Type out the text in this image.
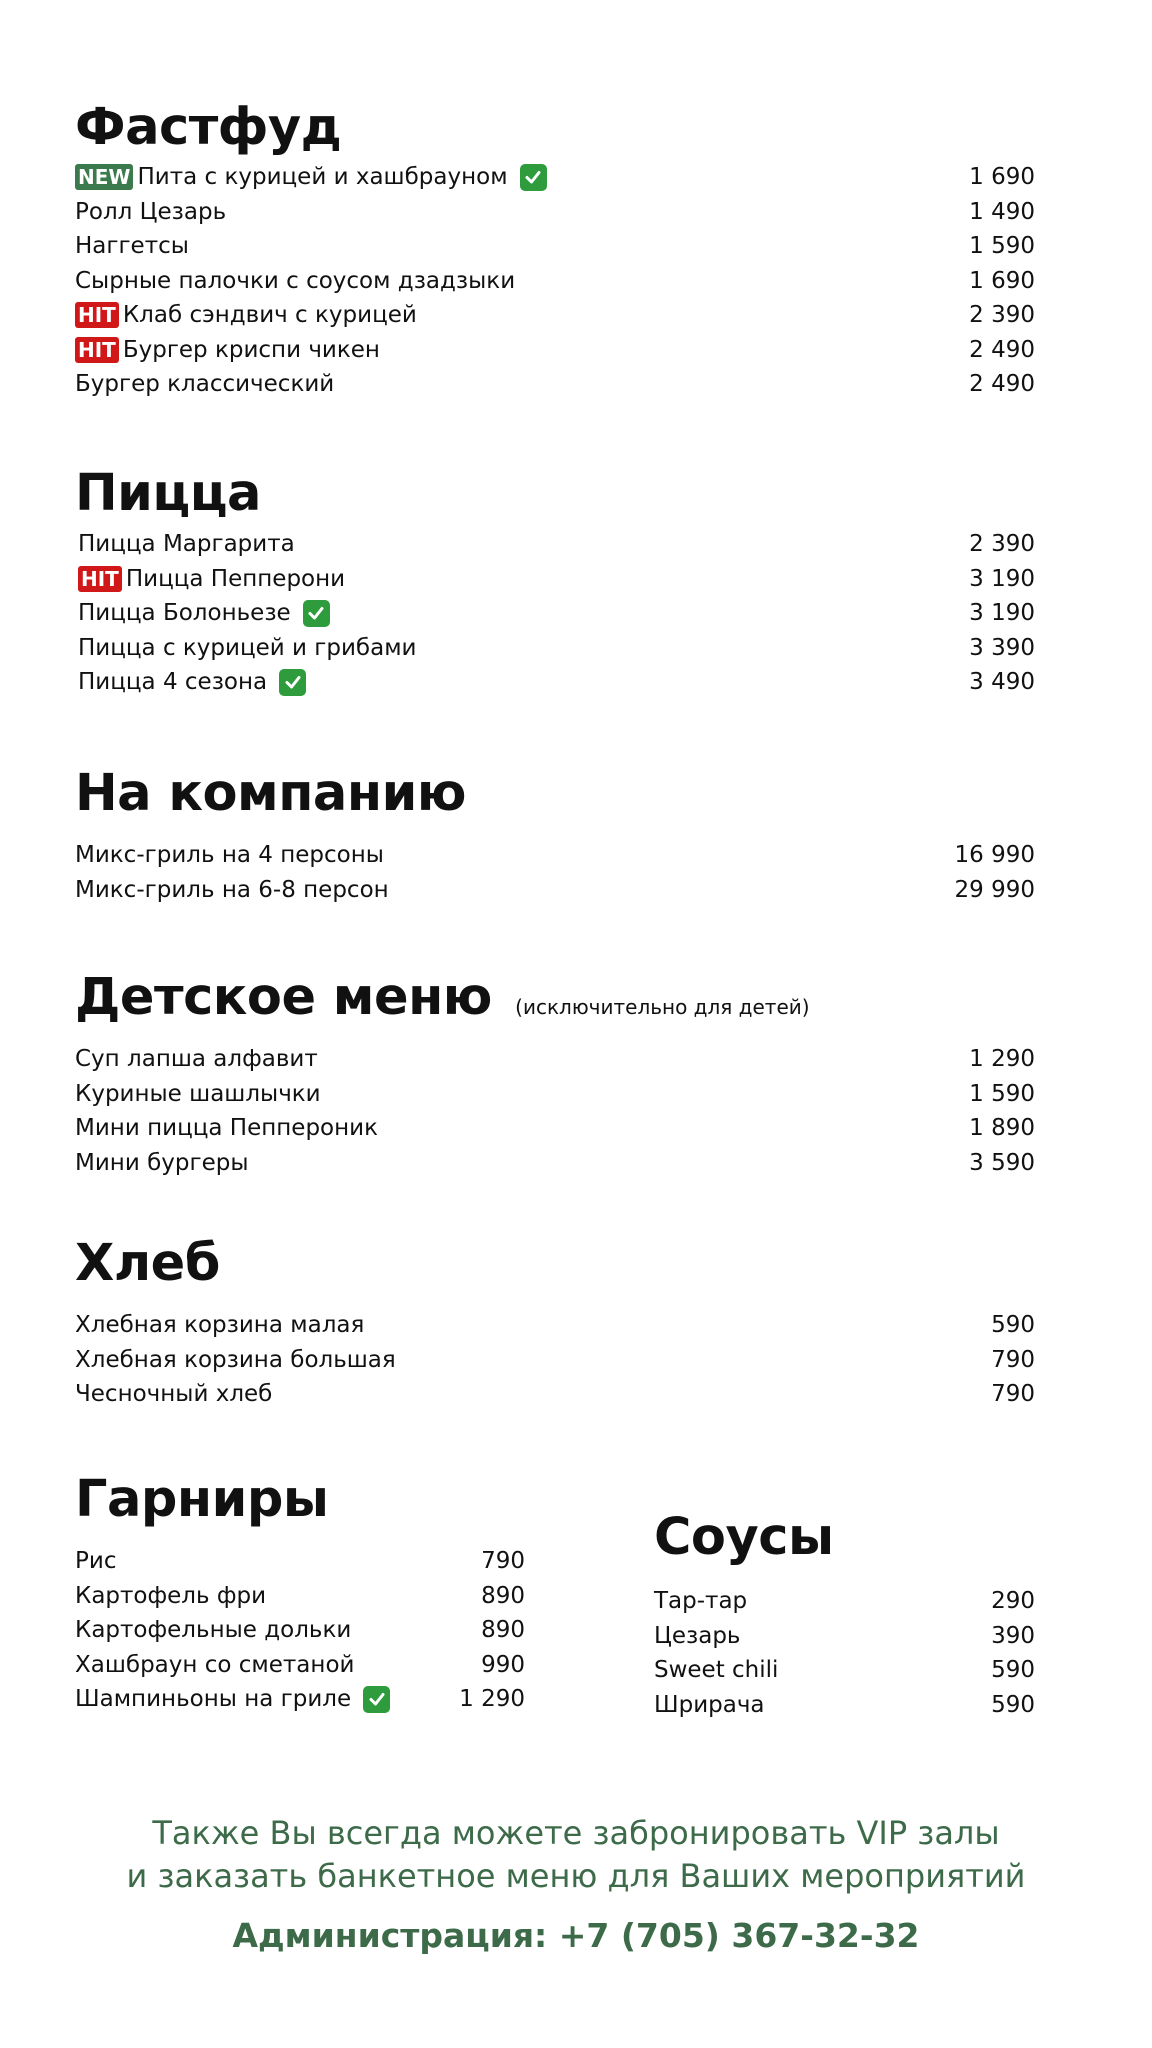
Фастфуд
NEW Пита с курицей и хашбрауном	1 690
Ролл Цезарь	1 490
Наггетсы	1 590
Сырные палочки с соусом дзадзыки	1 690
HIT Клаб сэндвич с курицей	2 390
HIT Бургер криспи чикен	2 490
Бургер классический	2 490
Пицца
Пицца Маргарита	2 390
HIT Пицца Пепперони	3 190
Пицца Болоньезе	3 190
Пицца с курицей и грибами	3 390
Пицца 4 сезона	3 490
На компанию
Микс-гриль на 4 персоны	16 990
Микс-гриль на 6-8 персон	29 990
Детское меню (исключительно для детей)
Суп лапша алфавит	1 290
Куриные шашлычки	1 590
Мини пицца Пеппероник	1 890
Мини бургеры	3 590
Хлеб
Хлебная корзина малая	590
Хлебная корзина большая	790
Чесночный хлеб	790
Гарниры
Рис	790
Картофель фри	890
Картофельные дольки	890
Хашбраун со сметаной	990
Шампиньоны на гриле	1 290
Соусы
Тар-тар	290
Цезарь	390
Sweet chili	590
Шрирача	590
Также Вы всегда можете забронировать VIP залы
и заказать банкетное меню для Ваших мероприятий
Администрация: +7 (705) 367-32-32
